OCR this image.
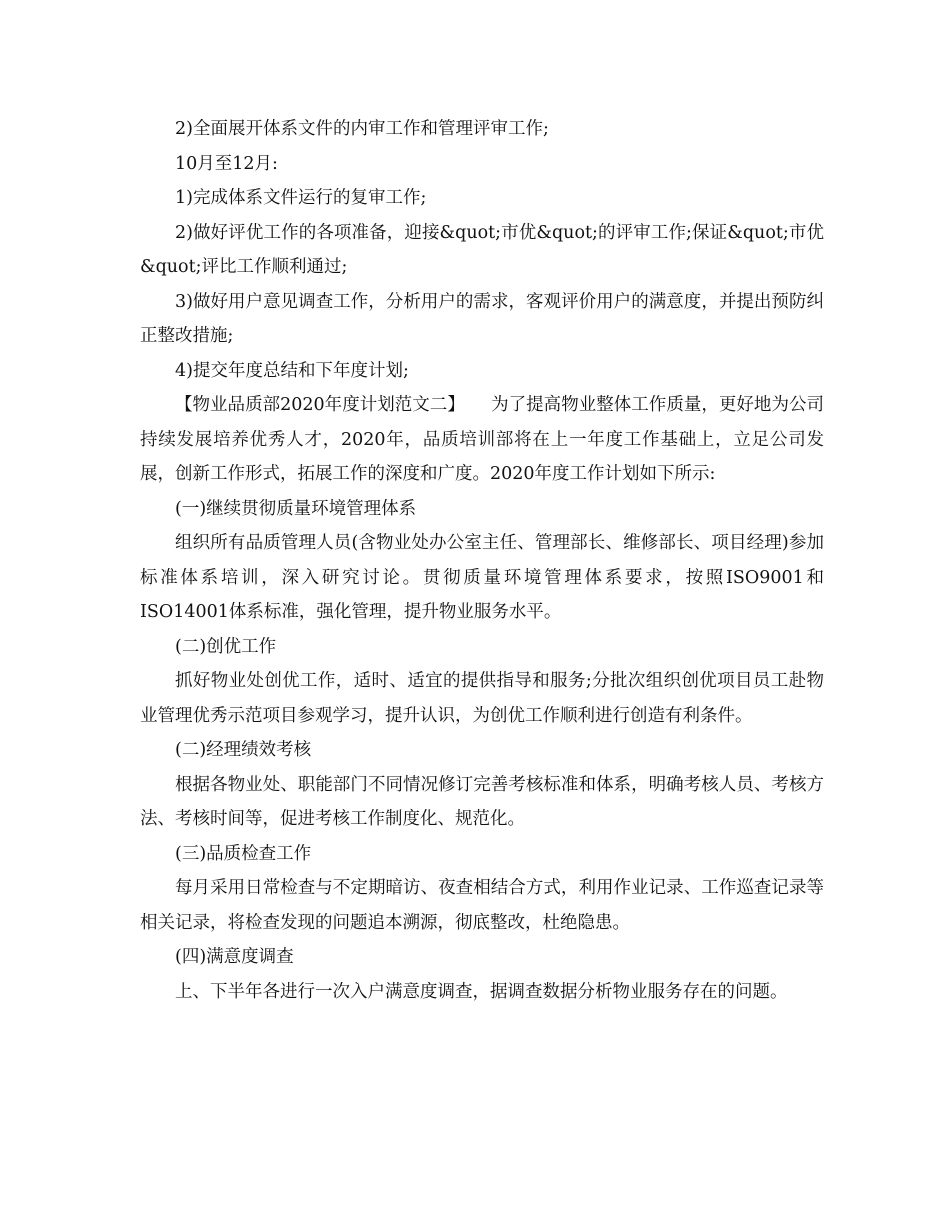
2)全面展开体系文件的内审工作和管理评审工作;

10月至12月:

1)完成体系文件运行的复审工作;

2)做好评优工作的各项准备，迎接&quot;市优&quot;的评审工作;保证&quot;市优&quot;评比工作顺利通过;

3)做好用户意见调查工作，分析用户的需求，客观评价用户的满意度，并提出预防纠正整改措施;

4)提交年度总结和下年度计划;

【物业品质部2020年度计划范文二】　　为了提高物业整体工作质量，更好地为公司持续发展培养优秀人才，2020年，品质培训部将在上一年度工作基础上，立足公司发展，创新工作形式，拓展工作的深度和广度。2020年度工作计划如下所示:

(一)继续贯彻质量环境管理体系

组织所有品质管理人员(含物业处办公室主任、管理部长、维修部长、项目经理)参加标准体系培训，深入研究讨论。贯彻质量环境管理体系要求，按照ISO9001和ISO14001体系标准，强化管理，提升物业服务水平。

(二)创优工作

抓好物业处创优工作，适时、适宜的提供指导和服务;分批次组织创优项目员工赴物业管理优秀示范项目参观学习，提升认识，为创优工作顺利进行创造有利条件。

(二)经理绩效考核

根据各物业处、职能部门不同情况修订完善考核标准和体系，明确考核人员、考核方法、考核时间等，促进考核工作制度化、规范化。

(三)品质检查工作

每月采用日常检查与不定期暗访、夜查相结合方式，利用作业记录、工作巡查记录等相关记录，将检查发现的问题追本溯源，彻底整改，杜绝隐患。

(四)满意度调查

上、下半年各进行一次入户满意度调查，据调查数据分析物业服务存在的问题。
